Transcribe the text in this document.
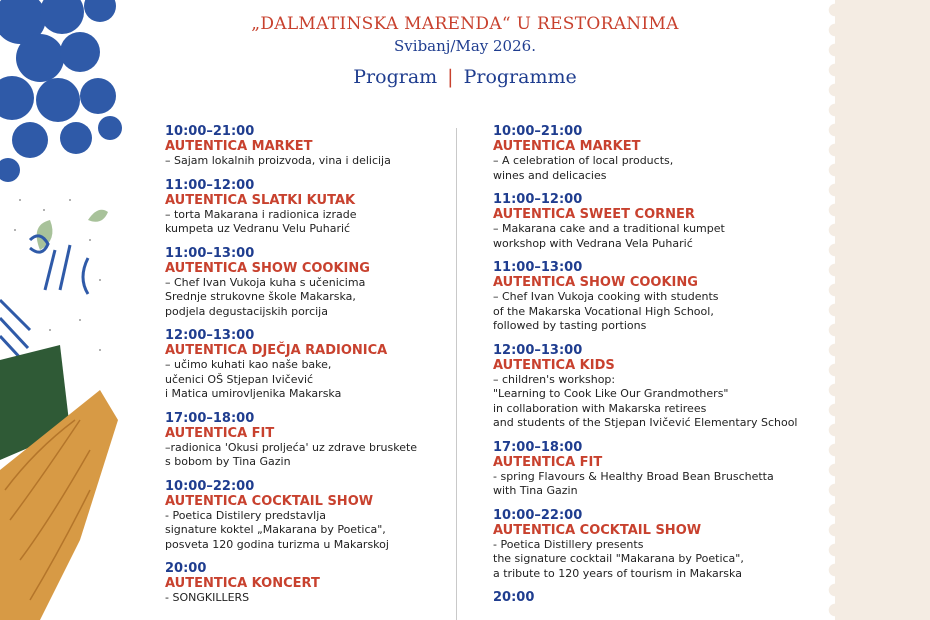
„DALMATINSKA MARENDA“ U RESTORANIMA
Svibanj/May 2026.
Program | Programme
10:00–21:00
AUTENTICA MARKET
– Sajam lokalnih proizvoda, vina i delicija
11:00–12:00
AUTENTICA SLATKI KUTAK
– torta Makarana i radionica izrade
kumpeta uz Vedranu Velu Puharić
11:00–13:00
AUTENTICA SHOW COOKING
– Chef Ivan Vukoja kuha s učenicima
Srednje strukovne škole Makarska,
podjela degustacijskih porcija
12:00–13:00
AUTENTICA DJEČJA RADIONICA
– učimo kuhati kao naše bake,
učenici OŠ Stjepan Ivičević
i Matica umirovljenika Makarska
17:00–18:00
AUTENTICA FIT
–radionica 'Okusi proljeća' uz zdrave bruskete
s bobom by Tina Gazin
10:00–22:00
AUTENTICA COCKTAIL SHOW
- Poetica Distilery predstavlja
signature koktel „Makarana by Poetica",
posveta 120 godina turizma u Makarskoj
20:00
AUTENTICA KONCERT
- SONGKILLERS
10:00–21:00
AUTENTICA MARKET
– A celebration of local products,
wines and delicacies
11:00–12:00
AUTENTICA SWEET CORNER
– Makarana cake and a traditional kumpet
workshop with Vedrana Vela Puharić
11:00–13:00
AUTENTICA SHOW COOKING
– Chef Ivan Vukoja cooking with students
of the Makarska Vocational High School,
followed by tasting portions
12:00–13:00
AUTENTICA KIDS
– children's workshop:
"Learning to Cook Like Our Grandmothers"
in collaboration with Makarska retirees
and students of the Stjepan Ivičević Elementary School
17:00–18:00
AUTENTICA FIT
- spring Flavours & Healthy Broad Bean Bruschetta
with Tina Gazin
10:00–22:00
AUTENTICA COCKTAIL SHOW
- Poetica Distillery presents
the signature cocktail "Makarana by Poetica",
a tribute to 120 years of tourism in Makarska
20:00
